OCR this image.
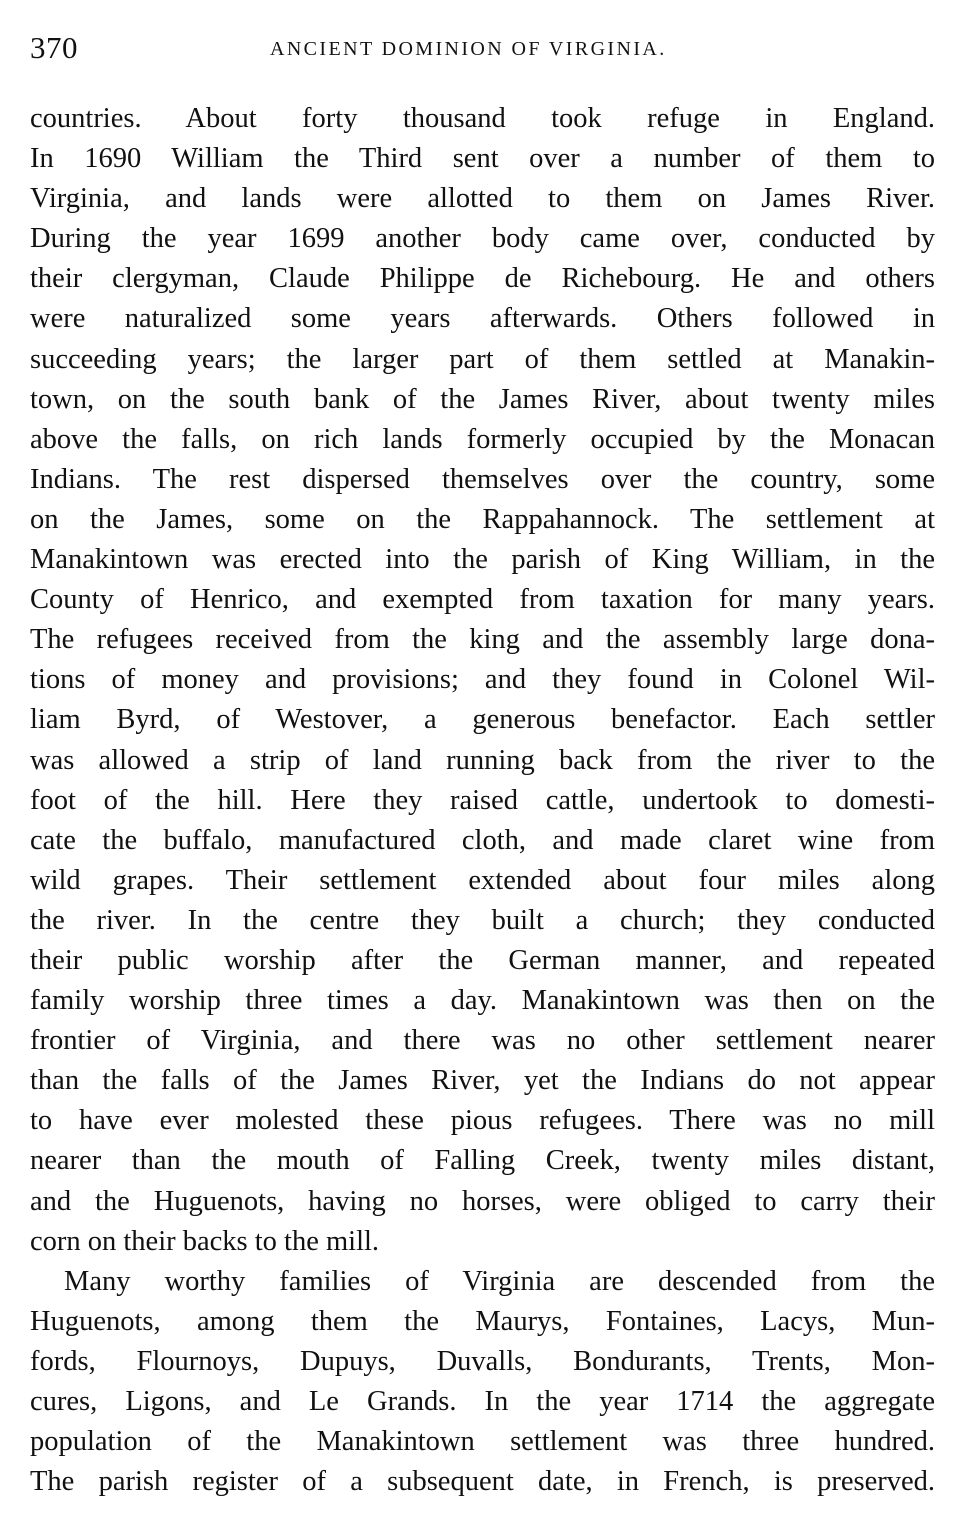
370	ANCIENT DOMINION OF VIRGINIA.
countries. About forty thousand took refuge in England.
In 1690 William the Third sent over a number of them to
Virginia, and lands were allotted to them on James River.
During the year 1699 another body came over, conducted by
their clergyman, Claude Philippe de Richebourg. He and others
were naturalized some years afterwards. Others followed in
succeeding years; the larger part of them settled at Manakin-
town, on the south bank of the James River, about twenty miles
above the falls, on rich lands formerly occupied by the Monacan
Indians. The rest dispersed themselves over the country, some
on the James, some on the Rappahannock. The settlement at
Manakintown was erected into the parish of King William, in the
County of Henrico, and exempted from taxation for many years.
The refugees received from the king and the assembly large dona-
tions of money and provisions; and they found in Colonel Wil-
liam Byrd, of Westover, a generous benefactor. Each settler
was allowed a strip of land running back from the river to the
foot of the hill. Here they raised cattle, undertook to domesti-
cate the buffalo, manufactured cloth, and made claret wine from
wild grapes. Their settlement extended about four miles along
the river. In the centre they built a church; they conducted
their public worship after the German manner, and repeated
family worship three times a day. Manakintown was then on the
frontier of Virginia, and there was no other settlement nearer
than the falls of the James River, yet the Indians do not appear
to have ever molested these pious refugees. There was no mill
nearer than the mouth of Falling Creek, twenty miles distant,
and the Huguenots, having no horses, were obliged to carry their
corn on their backs to the mill.
Many worthy families of Virginia are descended from the
Huguenots, among them the Maurys, Fontaines, Lacys, Mun-
fords, Flournoys, Dupuys, Duvalls, Bondurants, Trents, Mon-
cures, Ligons, and Le Grands. In the year 1714 the aggregate
population of the Manakintown settlement was three hundred.
The parish register of a subsequent date, in French, is preserved.
